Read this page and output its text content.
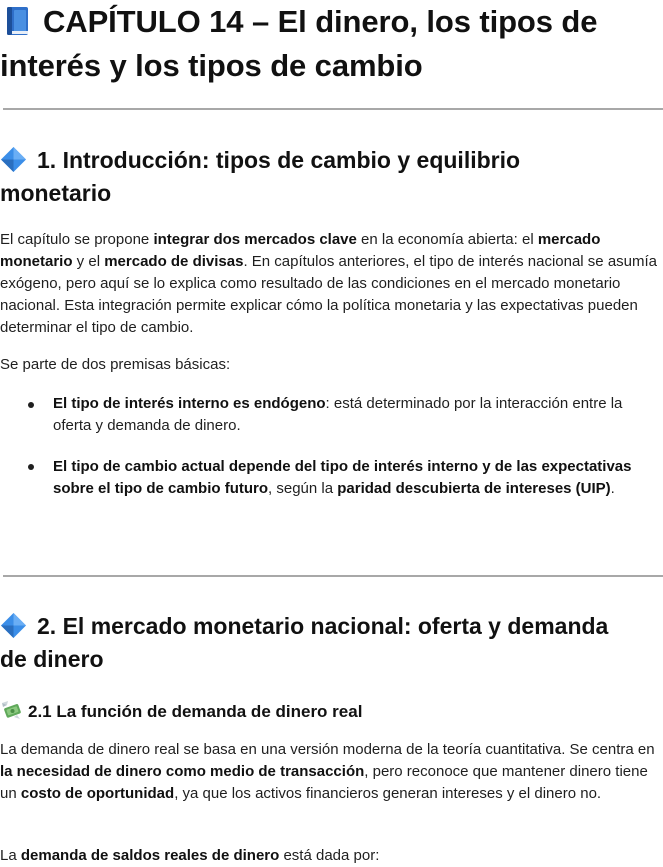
CAPÍTULO 14 – El dinero, los tipos de
interés y los tipos de cambio
1. Introducción: tipos de cambio y equilibrio
monetario

El capítulo se propone integrar dos mercados clave en la economía abierta: el mercado monetario y el mercado de divisas. En capítulos anteriores, el tipo de interés nacional se asumía exógeno, pero aquí se lo explica como resultado de las condiciones en el mercado monetario nacional. Esta integración permite explicar cómo la política monetaria y las expectativas pueden determinar el tipo de cambio.

Se parte de dos premisas básicas:

El tipo de interés interno es endógeno: está determinado por la interacción entre la oferta y demanda de dinero.

El tipo de cambio actual depende del tipo de interés interno y de las expectativas sobre el tipo de cambio futuro, según la paridad descubierta de intereses (UIP).

2. El mercado monetario nacional: oferta y demanda
de dinero
2.1 La función de demanda de dinero real

La demanda de dinero real se basa en una versión moderna de la teoría cuantitativa. Se centra en la necesidad de dinero como medio de transacción, pero reconoce que mantener dinero tiene un costo de oportunidad, ya que los activos financieros generan intereses y el dinero no.

La demanda de saldos reales de dinero está dada por:
